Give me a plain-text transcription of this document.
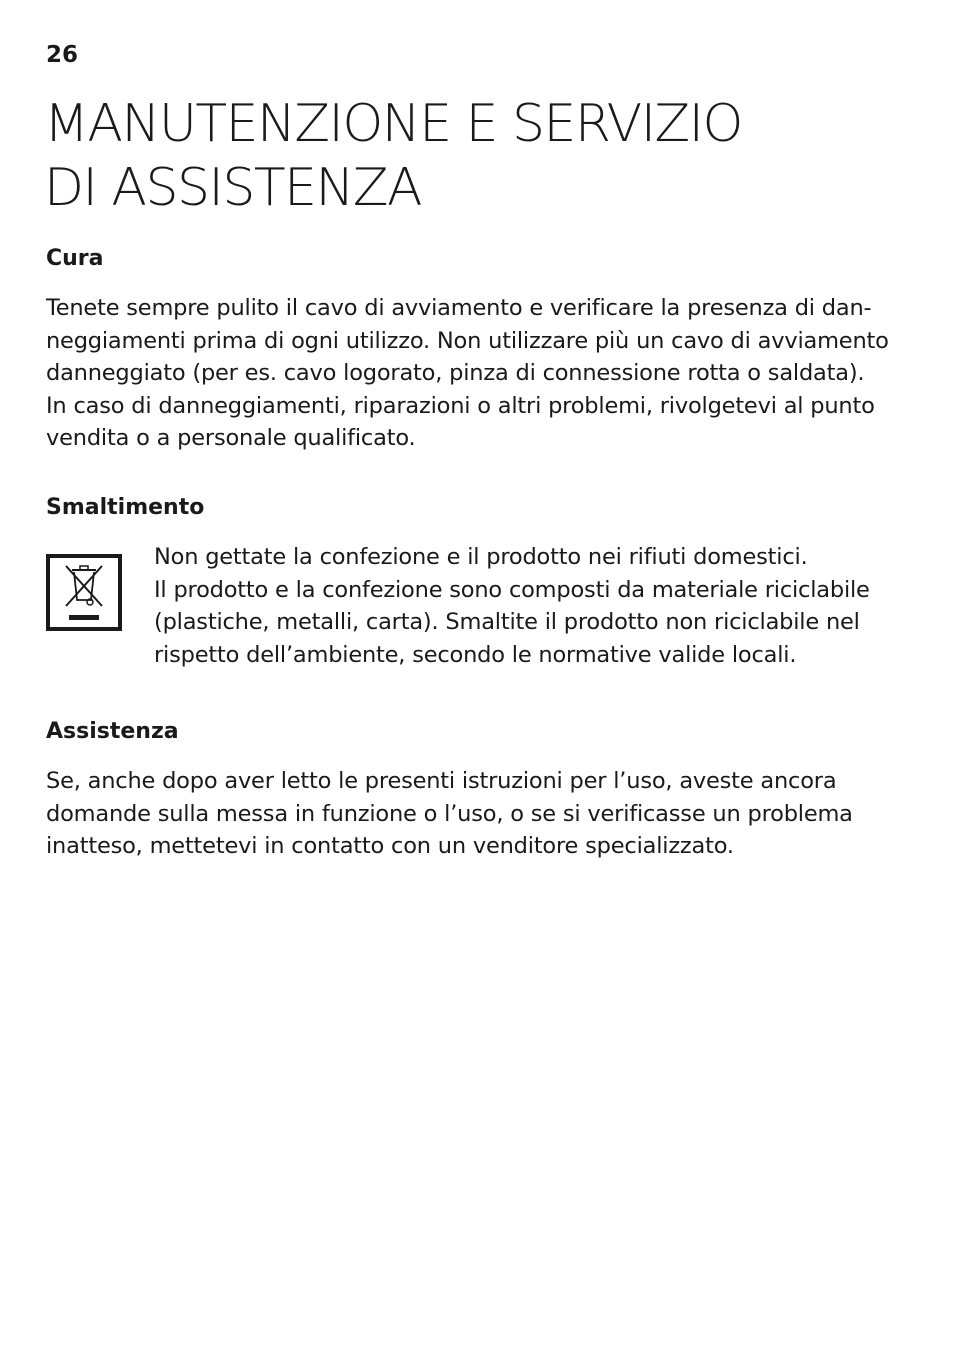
26
MANUTENZIONE E SERVIZIO
DI ASSISTENZA
Cura
Tenete sempre pulito il cavo di avviamento e verificare la presenza di dan-
neggiamenti prima di ogni utilizzo. Non utilizzare più un cavo di avviamento
danneggiato (per es. cavo logorato, pinza di connessione rotta o saldata).
In caso di danneggiamenti, riparazioni o altri problemi, rivolgetevi al punto
vendita o a personale qualificato.
Smaltimento
Non gettate la confezione e il prodotto nei rifiuti domestici.
Il prodotto e la confezione sono composti da materiale riciclabile
(plastiche, metalli, carta). Smaltite il prodotto non riciclabile nel
rispetto dell’ambiente, secondo le normative valide locali.
Assistenza
Se, anche dopo aver letto le presenti istruzioni per l’uso, aveste ancora
domande sulla messa in funzione o l’uso, o se si verificasse un problema
inatteso, mettetevi in contatto con un venditore specializzato.
